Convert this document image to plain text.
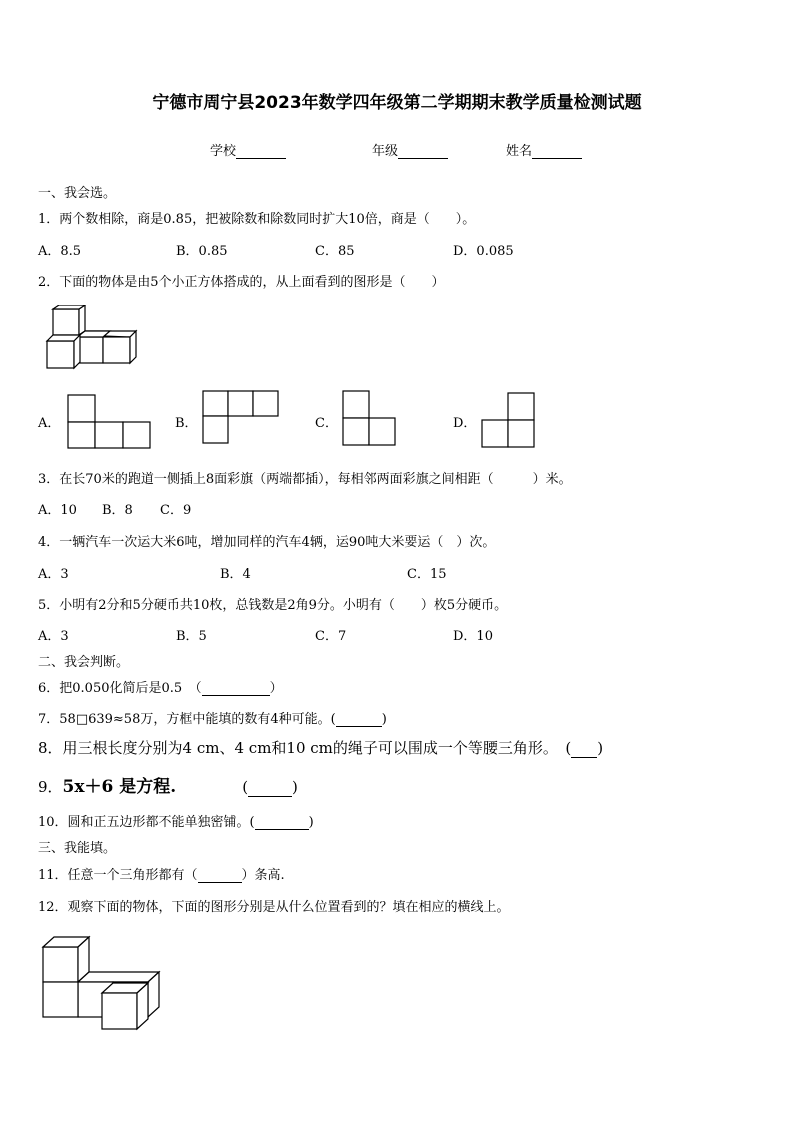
宁德市周宁县2023年数学四年级第二学期期末教学质量检测试题
学校	年级	姓名
一、我会选。
1．两个数相除，商是0.85，把被除数和除数同时扩大10倍，商是（　　）。
A．8.5	B．0.85	C．85	D．0.085
2．下面的物体是由5个小正方体搭成的，从上面看到的图形是（　　）
A．	B．	C．	D．
3．在长70米的跑道一侧插上8面彩旗（两端都插），每相邻两面彩旗之间相距（　　　）米。
A．10 B．8 C．9
4．一辆汽车一次运大米6吨，增加同样的汽车4辆，运90吨大米要运（　）次。
A．3	B．4	C．15
5．小明有2分和5分硬币共10枚，总钱数是2角9分。小明有（　　）枚5分硬币。
A．3	B．5	C．7	D．10
二、我会判断。
6．把0.050化简后是0.5　（	）
7．58□639≈58万，方框中能填的数有4种可能。(	)
8．用三根长度分别为4 cm、4 cm和10 cm的绳子可以围成一个等腰三角形。　( )
9．5x＋6 是方程.	(	)
10．圆和正五边形都不能单独密铺。(	)
三、我能填。
11．任意一个三角形都有（	）条高.
12．观察下面的物体，下面的图形分别是从什么位置看到的？填在相应的横线上。
